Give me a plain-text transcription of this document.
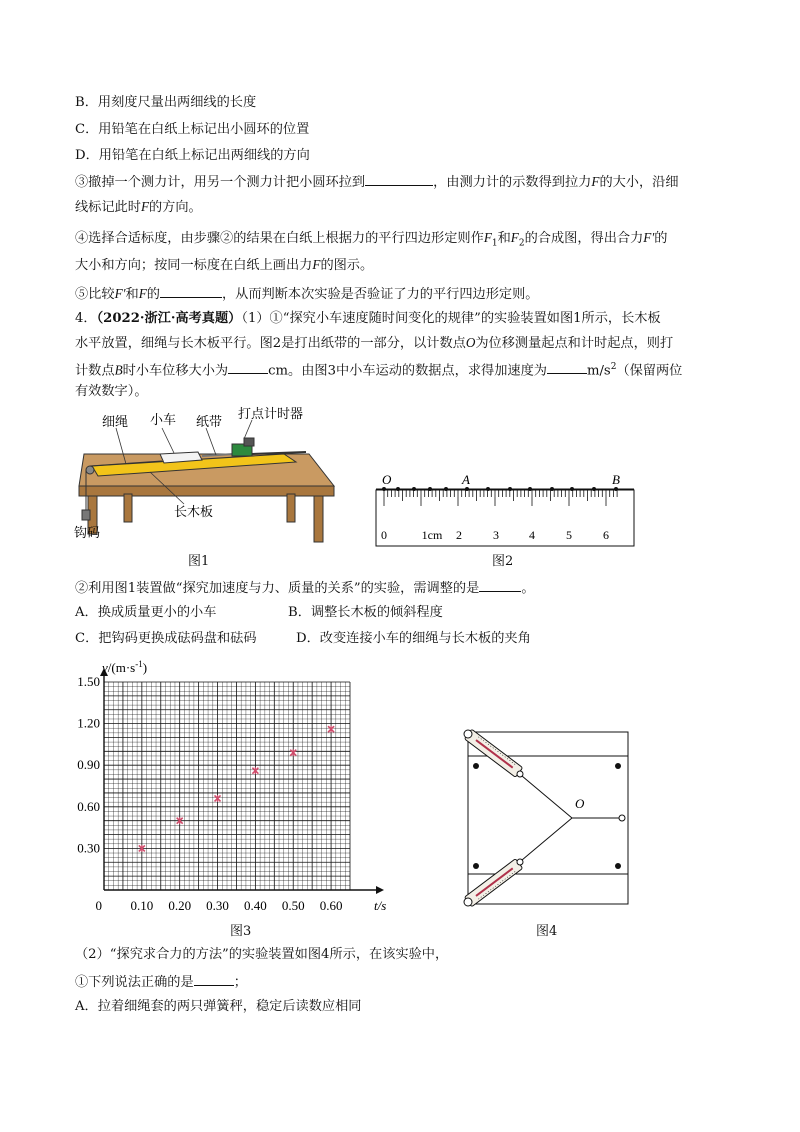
B．用刻度尺量出两细线的长度
C．用铅笔在白纸上标记出小圆环的位置
D．用铅笔在白纸上标记出两细线的方向
③撤掉一个测力计，用另一个测力计把小圆环拉到	，由测力计的示数得到拉力F的大小，沿细
线标记此时F的方向。
④选择合适标度，由步骤②的结果在白纸上根据力的平行四边形定则作$F_1$和$F_2$的合成图，得出合力F′的
大小和方向；按同一标度在白纸上画出力F的图示。
⑤比较F′和F的	，从而判断本次实验是否验证了力的平行四边形定则。
4．（2022·浙江·高考真题）（1）①“探究小车速度随时间变化的规律”的实验装置如图1所示，长木板
水平放置，细绳与长木板平行。图2是打出纸带的一部分，以计数点O为位移测量起点和计时起点，则打
计数点B时小车位移大小为	cm。由图3中小车运动的数据点，求得加速度为	$m/s^2$（保留两位
有效数字）。
②利用图1装置做“探究加速度与力、质量的关系”的实验，需调整的是	。
A．换成质量更小的小车	B．调整长木板的倾斜程度
C．把钩码更换成砝码盘和砝码	D．改变连接小车的细绳与长木板的夹角
（2）“探究求合力的方法”的实验装置如图4所示，在该实验中，
①下列说法正确的是	；
A．拉着细绳套的两只弹簧秤，稳定后读数应相同
细绳 小车 纸带
打点计时器
长木板
钩码
图1
O	A	B
0	1cm 2	3	4	5	6
图2
0.10 0.20 0.30 0.40 0.50 0.60
0.30
0.60
0.90
1.20
1.50
0
$v/(m\cdot s^{-1})$
t/s
图3
O
图4
